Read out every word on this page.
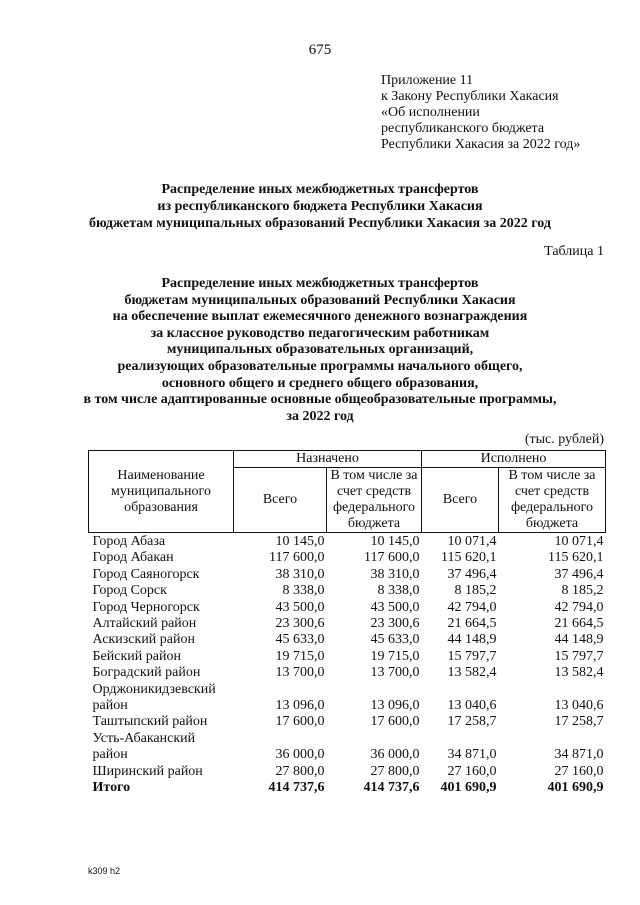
675
Приложение 11
к Закону Республики Хакасия
«Об исполнении
республиканского бюджета
Республики Хакасия за 2022 год»
Распределение иных межбюджетных трансфертов
из республиканского бюджета Республики Хакасия
бюджетам муниципальных образований Республики Хакасия за 2022 год
Таблица 1
Распределение иных межбюджетных трансфертов
бюджетам муниципальных образований Республики Хакасия
на обеспечение выплат ежемесячного денежного вознаграждения
за классное руководство педагогическим работникам
муниципальных образовательных организаций,
реализующих образовательные программы начального общего,
основного общего и среднего общего образования,
в том числе адаптированные основные общеобразовательные программы,
за 2022 год
(тыс. рублей)
Наименование муниципального образования	Назначено		Исполнено	
	Всего	В том числе за счет средств федерального бюджета	Всего	В том числе за счет средств федерального бюджета
Город Абаза	10 145,0	10 145,0	10 071,4	10 071,4
Город Абакан	117 600,0	117 600,0	115 620,1	115 620,1
Город Саяногорск	38 310,0	38 310,0	37 496,4	37 496,4
Город Сорск	8 338,0	8 338,0	8 185,2	8 185,2
Город Черногорск	43 500,0	43 500,0	42 794,0	42 794,0
Алтайский район	23 300,6	23 300,6	21 664,5	21 664,5
Аскизский район	45 633,0	45 633,0	44 148,9	44 148,9
Бейский район	19 715,0	19 715,0	15 797,7	15 797,7
Боградский район	13 700,0	13 700,0	13 582,4	13 582,4
Орджоникидзевский район	13 096,0	13 096,0	13 040,6	13 040,6
Таштыпский район	17 600,0	17 600,0	17 258,7	17 258,7
Усть-Абаканский район	36 000,0	36 000,0	34 871,0	34 871,0
Ширинский район	27 800,0	27 800,0	27 160,0	27 160,0
Итого	414 737,6	414 737,6	401 690,9	401 690,9
k309 h2
